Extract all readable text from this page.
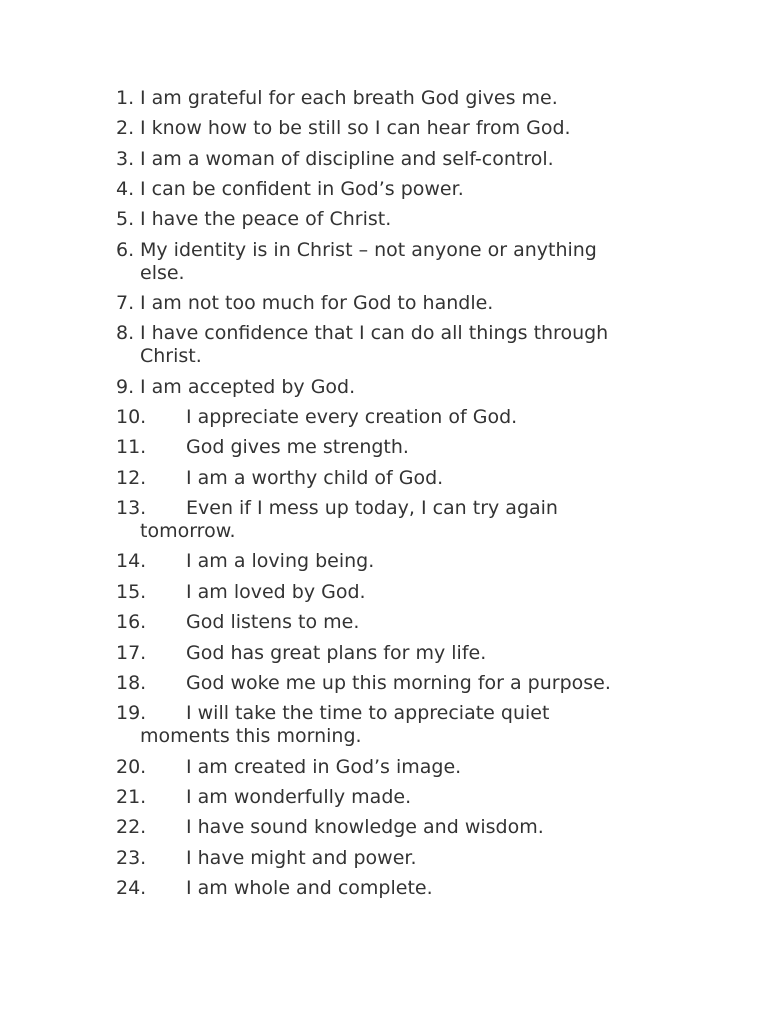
1. I am grateful for each breath God gives me.
2. I know how to be still so I can hear from God.
3. I am a woman of discipline and self-control.
4. I can be confident in God’s power.
5. I have the peace of Christ.
6. My identity is in Christ – not anyone or anything
else.
7. I am not too much for God to handle.
8. I have confidence that I can do all things through
Christ.
9. I am accepted by God.
10. I appreciate every creation of God.
11. God gives me strength.
12. I am a worthy child of God.
13. Even if I mess up today, I can try again
tomorrow.
14. I am a loving being.
15. I am loved by God.
16. God listens to me.
17. God has great plans for my life.
18. God woke me up this morning for a purpose.
19. I will take the time to appreciate quiet
moments this morning.
20. I am created in God’s image.
21. I am wonderfully made.
22. I have sound knowledge and wisdom.
23. I have might and power.
24. I am whole and complete.
